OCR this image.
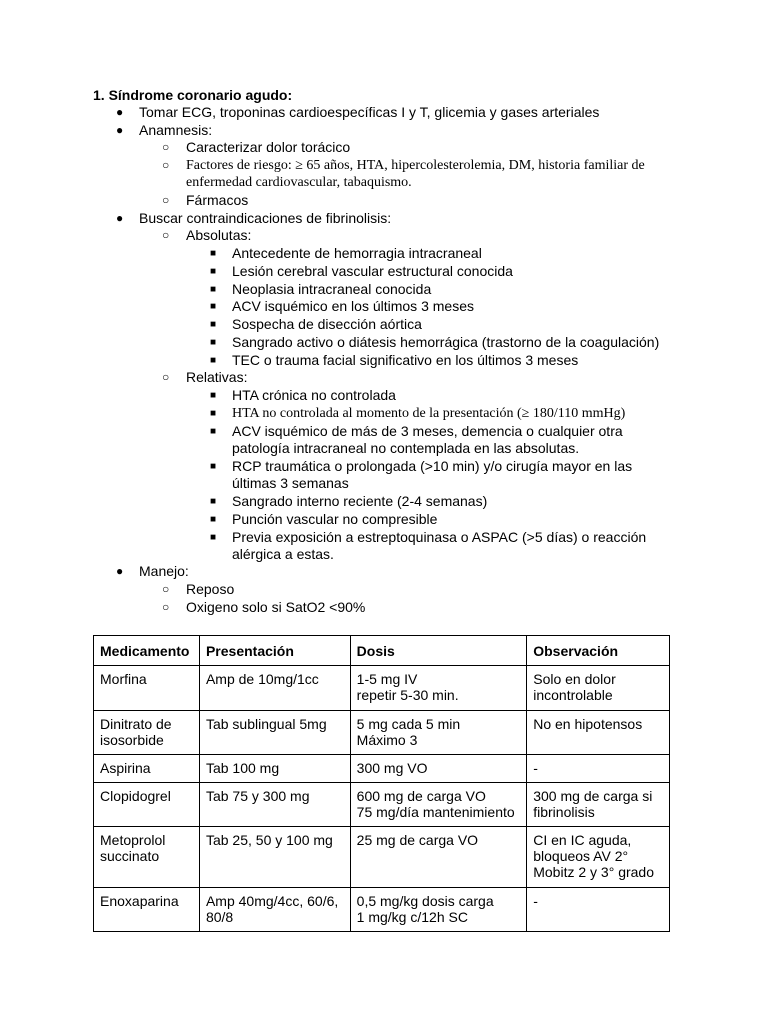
1. Síndrome coronario agudo:
● Tomar ECG, troponinas cardioespecíficas I y T, glicemia y gases arteriales
● Anamnesis:
○ Caracterizar dolor torácico
○ Factores de riesgo: ≥ 65 años, HTA, hipercolesterolemia, DM, historia familiar de
enfermedad cardiovascular, tabaquismo.
○ Fármacos
● Buscar contraindicaciones de fibrinolisis:
○ Absolutas:
■ Antecedente de hemorragia intracraneal
■ Lesión cerebral vascular estructural conocida
■ Neoplasia intracraneal conocida
■ ACV isquémico en los últimos 3 meses
■ Sospecha de disección aórtica
■ Sangrado activo o diátesis hemorrágica (trastorno de la coagulación)
■ TEC o trauma facial significativo en los últimos 3 meses
○ Relativas:
■ HTA crónica no controlada
■ HTA no controlada al momento de la presentación (≥ 180/110 mmHg)
■ ACV isquémico de más de 3 meses, demencia o cualquier otra
patología intracraneal no contemplada en las absolutas.
■ RCP traumática o prolongada (>10 min) y/o cirugía mayor en las
últimas 3 semanas
■ Sangrado interno reciente (2-4 semanas)
■ Punción vascular no compresible
■ Previa exposición a estreptoquinasa o ASPAC (>5 días) o reacción
alérgica a estas.
● Manejo:
○ Reposo
○ Oxigeno solo si SatO2 <90%
Medicamento	Presentación	Dosis	Observación

Morfina	Amp de 10mg/1cc	1-5 mg IV
repetir 5-30 min.	Solo en dolor
incontrolable

Dinitrato de
isosorbide	Tab sublingual 5mg	5 mg cada 5 min
Máximo 3	No en hipotensos

Aspirina	Tab 100 mg	300 mg VO	-

Clopidogrel	Tab 75 y 300 mg	600 mg de carga VO
75 mg/día mantenimiento	300 mg de carga si
fibrinolisis

Metoprolol
succinato	Tab 25, 50 y 100 mg	25 mg de carga VO	CI en IC aguda,
bloqueos AV 2°
Mobitz 2 y 3° grado

Enoxaparina	Amp 40mg/4cc, 60/6,
80/8	0,5 mg/kg dosis carga
1 mg/kg c/12h SC	-
